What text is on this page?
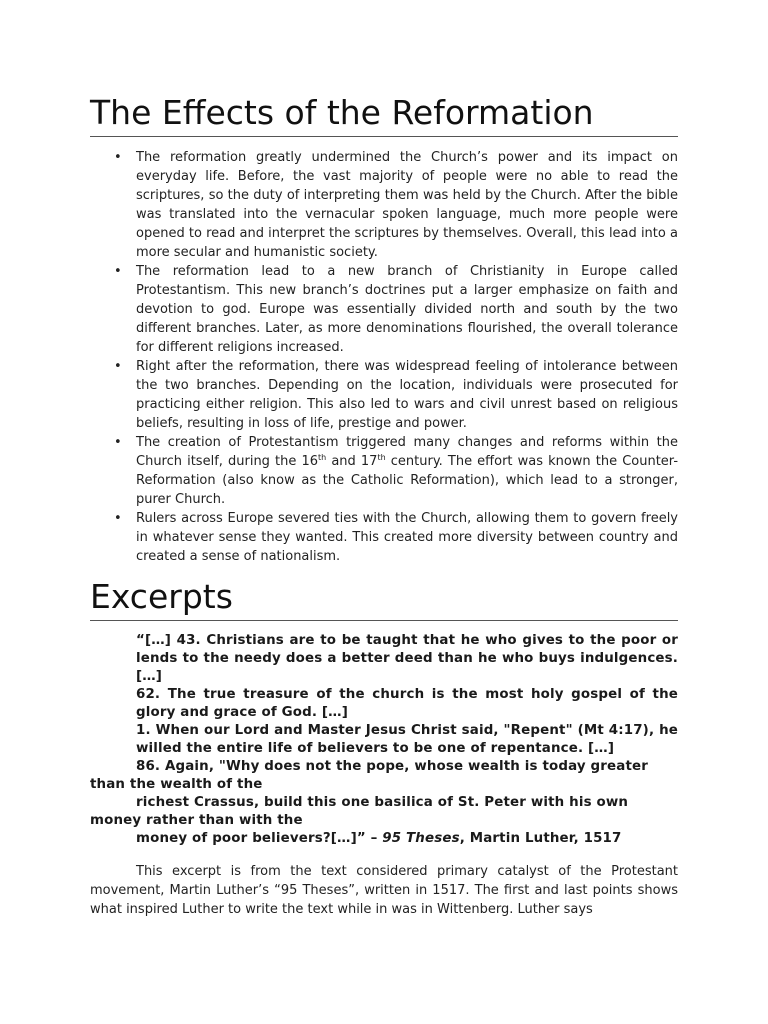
The Effects of the Reformation
• The reformation greatly undermined the Church’s power and its impact on everyday life. Before, the vast majority of people were no able to read the scriptures, so the duty of interpreting them was held by the Church. After the bible was translated into the vernacular spoken language, much more people were opened to read and interpret the scriptures by themselves. Overall, this lead into a more secular and humanistic society.
• The reformation lead to a new branch of Christianity in Europe called Protestantism. This new branch’s doctrines put a larger emphasize on faith and devotion to god. Europe was essentially divided north and south by the two different branches. Later, as more denominations flourished, the overall tolerance for different religions increased.
• Right after the reformation, there was widespread feeling of intolerance between the two branches. Depending on the location, individuals were prosecuted for practicing either religion. This also led to wars and civil unrest based on religious beliefs, resulting in loss of life, prestige and power.
• The creation of Protestantism triggered many changes and reforms within the Church itself, during the 16th and 17th century. The effort was known the Counter-Reformation (also know as the Catholic Reformation), which lead to a stronger, purer Church.
• Rulers across Europe severed ties with the Church, allowing them to govern freely in whatever sense they wanted. This created more diversity between country and created a sense of nationalism.
Excerpts
“[…] 43. Christians are to be taught that he who gives to the poor or lends to the needy does a better deed than he who buys indulgences. […]
62. The true treasure of the church is the most holy gospel of the glory and grace of God. […]
1. When our Lord and Master Jesus Christ said, "Repent" (Mt 4:17), he willed the entire life of believers to be one of repentance. […]
86. Again, "Why does not the pope, whose wealth is today greater than the wealth of the
richest Crassus, build this one basilica of St. Peter with his own money rather than with the
money of poor believers?[…]” – 95 Theses, Martin Luther, 1517

This excerpt is from the text considered primary catalyst of the Protestant movement, Martin Luther’s “95 Theses”, written in 1517. The first and last points shows what inspired Luther to write the text while in was in Wittenberg. Luther says
